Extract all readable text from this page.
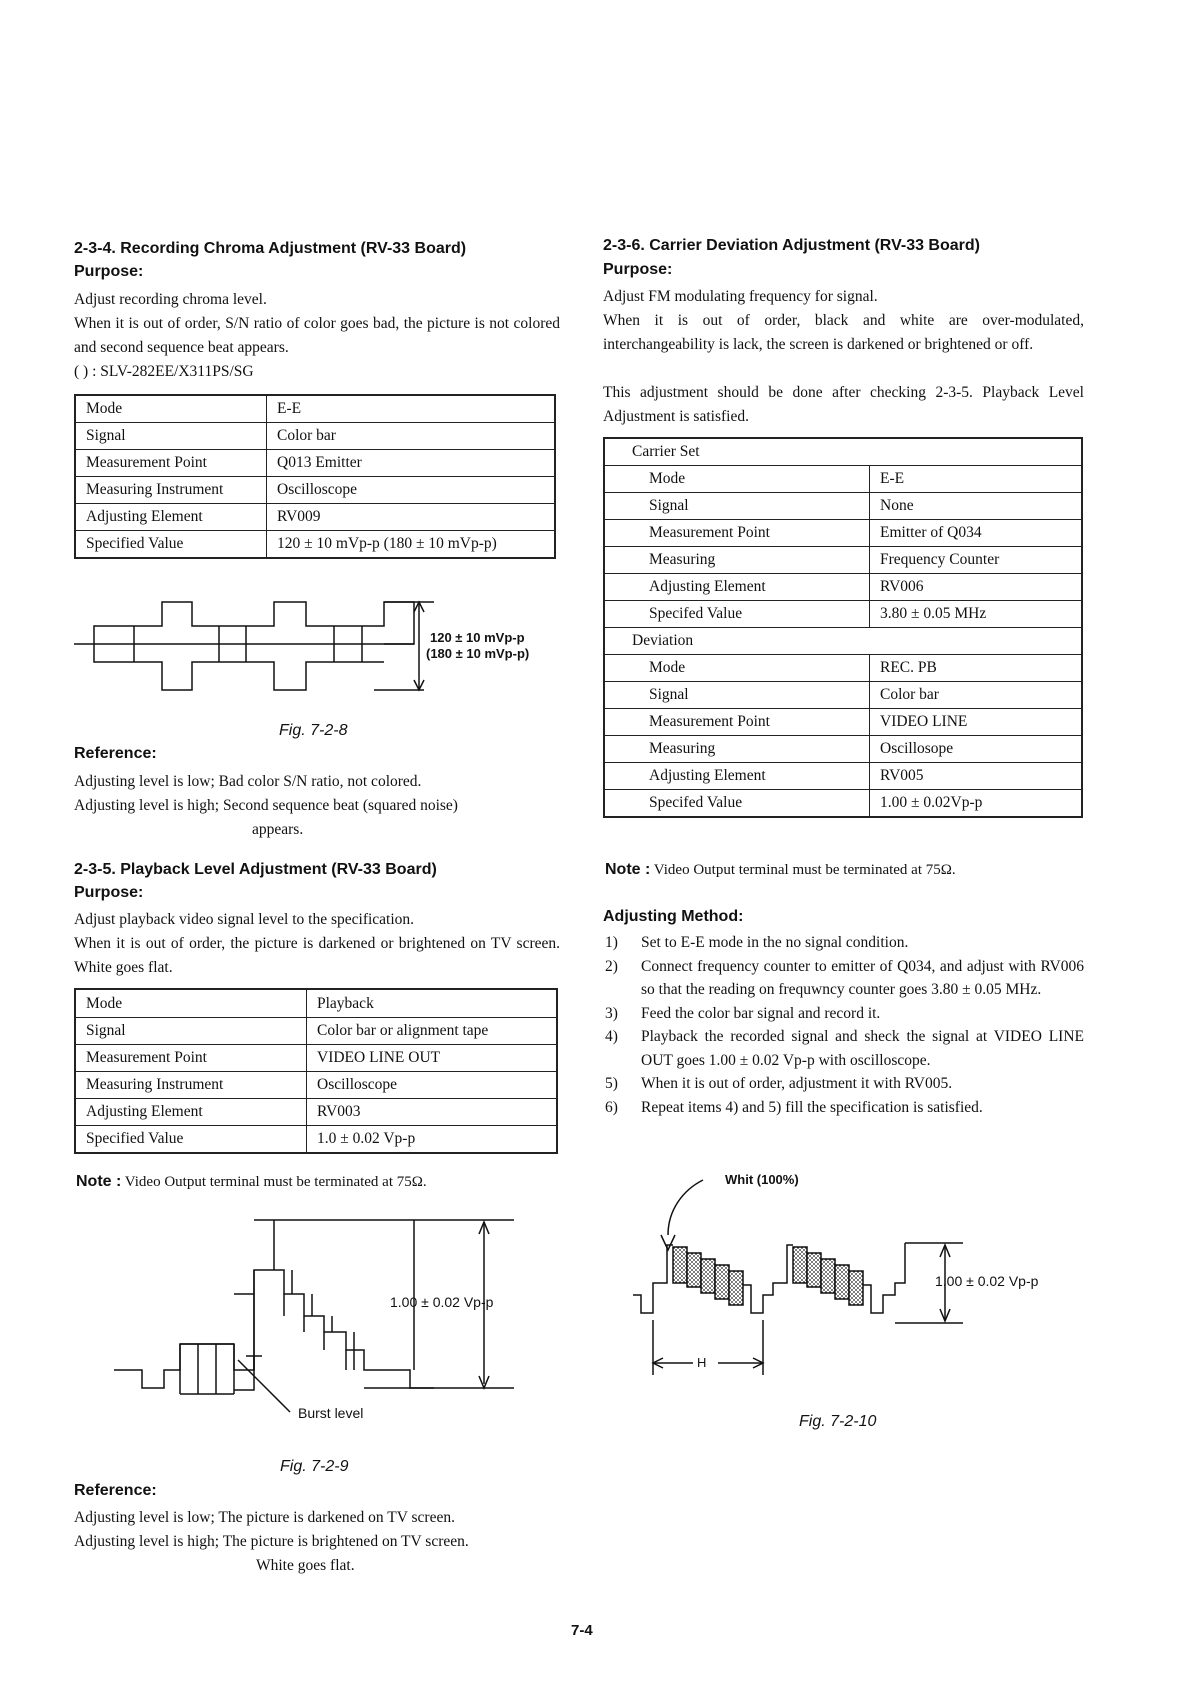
2-3-4. Recording Chroma Adjustment (RV-33 Board)
Purpose:
Adjust recording chroma level.
When it is out of order, S/N ratio of color goes bad, the picture is not colored and second sequence beat appears.
( ) : SLV-282EE/X311PS/SG
Mode	E-E
Signal	Color bar
Measurement Point	Q013 Emitter
Measuring Instrument	Oscilloscope
Adjusting Element	RV009
Specified Value	120 ± 10 mVp-p (180 ± 10 mVp-p)
120 ± 10 mVp-p
(180 ± 10 mVp-p)
Fig. 7-2-8
Reference:
Adjusting level is low; Bad color S/N ratio, not colored.
Adjusting level is high; Second sequence beat (squared noise)
appears.
2-3-5. Playback Level Adjustment (RV-33 Board)
Purpose:
Adjust playback video signal level to the specification.
When it is out of order, the picture is darkened or brightened on TV screen. White goes flat.
Mode	Playback
Signal	Color bar or alignment tape
Measurement Point	VIDEO LINE OUT
Measuring Instrument	Oscilloscope
Adjusting Element	RV003
Specified Value	1.0 ± 0.02 Vp-p
Note : Video Output terminal must be terminated at 75Ω.
1.00 ± 0.02 Vp-p
Burst level
Fig. 7-2-9
Reference:
Adjusting level is low; The picture is darkened on TV screen.
Adjusting level is high; The picture is brightened on TV screen.
White goes flat.
2-3-6. Carrier Deviation Adjustment (RV-33 Board)
Purpose:
Adjust FM modulating frequency for signal.
When it is out of order, black and white are over-modulated, interchangeability is lack, the screen is darkened or brightened or off.
This adjustment should be done after checking 2-3-5. Playback Level Adjustment is satisfied.
Carrier Set	
Mode	E-E
Signal	None
Measurement Point	Emitter of Q034
Measuring	Frequency Counter
Adjusting Element	RV006
Specifed Value	3.80 ± 0.05 MHz
Deviation	
Mode	REC. PB
Signal	Color bar
Measurement Point	VIDEO LINE
Measuring	Oscillosope
Adjusting Element	RV005
Specifed Value	1.00 ± 0.02Vp-p
Note : Video Output terminal must be terminated at 75Ω.
Adjusting Method:
1) Set to E-E mode in the no signal condition.
2) Connect frequency counter to emitter of Q034, and adjust with RV006 so that the reading on frequwncy counter goes 3.80 ± 0.05 MHz.
3) Feed the color bar signal and record it.
4) Playback the recorded signal and sheck the signal at VIDEO LINE OUT goes 1.00 ± 0.02 Vp-p with oscilloscope.
5) When it is out of order, adjustment it with RV005.
6) Repeat items 4) and 5) fill the specification is satisfied.
Whit (100%)
1.00 ± 0.02 Vp-p
H
Fig. 7-2-10
7-4
